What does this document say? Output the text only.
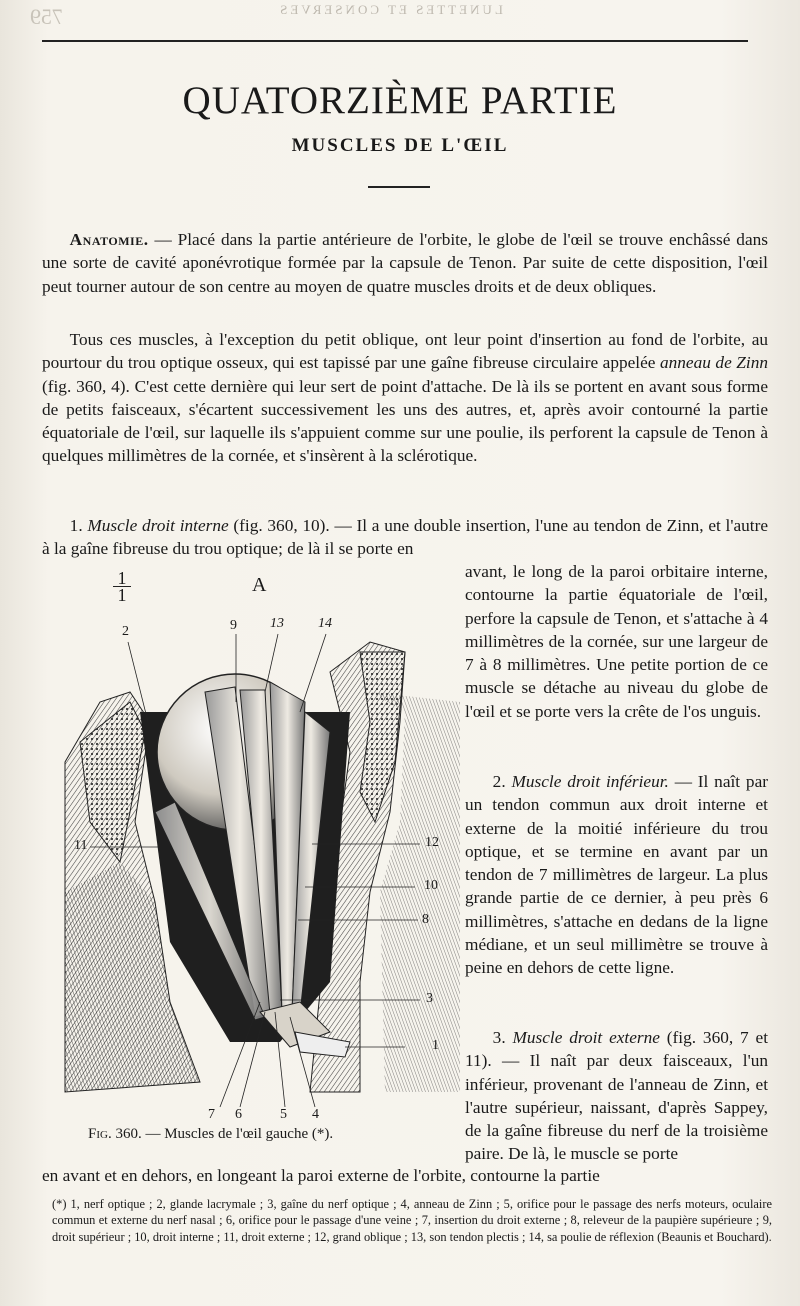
759	LUNETTES ET CONSERVES
QUATORZIÈME PARTIE
MUSCLES DE L'ŒIL

Anatomie. — Placé dans la partie antérieure de l'orbite, le globe de l'œil se trouve enchâssé dans une sorte de cavité aponévrotique formée par la capsule de Tenon. Par suite de cette disposition, l'œil peut tourner autour de son centre au moyen de quatre muscles droits et de deux obliques.

Tous ces muscles, à l'exception du petit oblique, ont leur point d'insertion au fond de l'orbite, au pourtour du trou optique osseux, qui est tapissé par une gaîne fibreuse circulaire appelée anneau de Zinn (fig. 360, 4). C'est cette dernière qui leur sert de point d'attache. De là ils se portent en avant sous forme de petits faisceaux, s'écartent successivement les uns des autres, et, après avoir contourné la partie équatoriale de l'œil, sur laquelle ils s'appuient comme sur une poulie, ils perforent la capsule de Tenon à quelques millimètres de la cornée, et s'insèrent à la sclérotique.

1. Muscle droit interne (fig. 360, 10). — Il a une double insertion, l'une au tendon de Zinn, et l'autre à la gaîne fibreuse du trou optique; de là il se porte en

avant, le long de la paroi orbitaire interne, contourne la partie équatoriale de l'œil, perfore la capsule de Tenon, et s'attache à 4 millimètres de la cornée, sur une largeur de 7 à 8 millimètres. Une petite portion de ce muscle se détache au niveau du globe de l'œil et se porte vers la crête de l'os unguis.

2. Muscle droit inférieur. — Il naît par un tendon commun aux droit interne et externe de la moitié inférieure du trou optique, et se termine en avant par un tendon de 7 millimètres de largeur. La plus grande partie de ce dernier, à peu près 6 millimètres, s'attache en dedans de la ligne médiane, et un seul millimètre se trouve à peine en dehors de cette ligne.

3. Muscle droit externe (fig. 360, 7 et 11). — Il naît par deux faisceaux, l'un inférieur, provenant de l'anneau de Zinn, et l'autre supérieur, naissant, d'après Sappey, de la gaîne fibreuse du nerf de la troisième paire. De là, le muscle se porte

en avant et en dehors, en longeant la paroi externe de l'orbite, contourne la partie

1
1	A
2	9 13 14
11	12
10
8
3
1
7 6	5 4
Fig. 360. — Muscles de l'œil gauche (*).

(*) 1, nerf optique ; 2, glande lacrymale ; 3, gaîne du nerf optique ; 4, anneau de Zinn ; 5, orifice pour le passage des nerfs moteurs, oculaire commun et externe du nerf nasal ; 6, orifice pour le passage d'une veine ; 7, insertion du droit externe ; 8, releveur de la paupière supérieure ; 9, droit supérieur ; 10, droit interne ; 11, droit externe ; 12, grand oblique ; 13, son tendon plectis ; 14, sa poulie de réflexion (Beaunis et Bouchard).
